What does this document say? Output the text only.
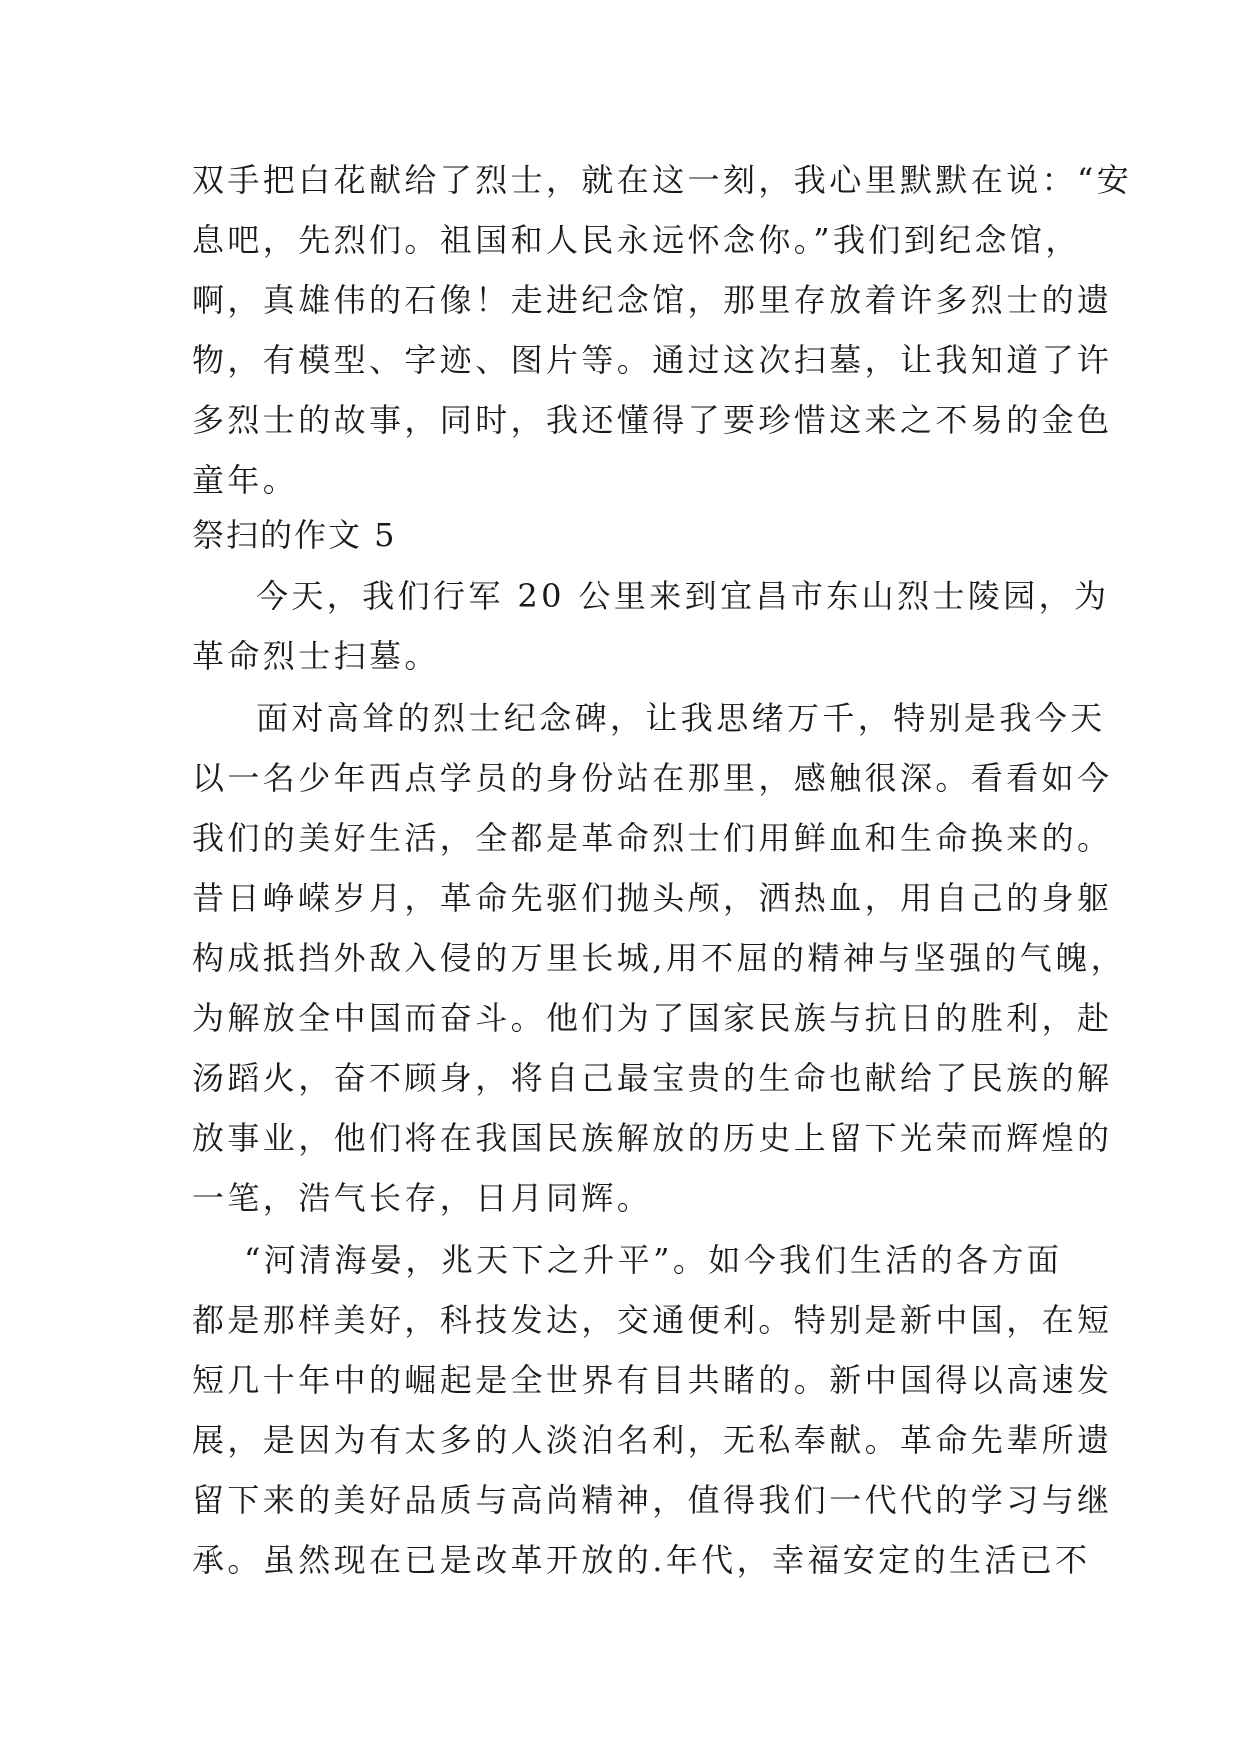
双手把白花献给了烈士，就在这一刻，我心里默默在说：“安
息吧，先烈们。祖国和人民永远怀念你。”我们到纪念馆，
啊，真雄伟的石像！走进纪念馆，那里存放着许多烈士的遗
物，有模型、字迹、图片等。通过这次扫墓，让我知道了许
多烈士的故事，同时，我还懂得了要珍惜这来之不易的金色
童年。
祭扫的作文 5
今天，我们行军 20 公里来到宜昌市东山烈士陵园，为
革命烈士扫墓。
面对高耸的烈士纪念碑，让我思绪万千，特别是我今天
以一名少年西点学员的身份站在那里，感触很深。看看如今
我们的美好生活，全都是革命烈士们用鲜血和生命换来的。
昔日峥嵘岁月，革命先驱们抛头颅，洒热血，用自己的身躯
构成抵挡外敌入侵的万里长城,用不屈的精神与坚强的气魄，
为解放全中国而奋斗。他们为了国家民族与抗日的胜利，赴
汤蹈火，奋不顾身，将自己最宝贵的生命也献给了民族的解
放事业，他们将在我国民族解放的历史上留下光荣而辉煌的
一笔，浩气长存，日月同辉。
“河清海晏，兆天下之升平”。如今我们生活的各方面
都是那样美好，科技发达，交通便利。特别是新中国，在短
短几十年中的崛起是全世界有目共睹的。新中国得以高速发
展，是因为有太多的人淡泊名利，无私奉献。革命先辈所遗
留下来的美好品质与高尚精神，值得我们一代代的学习与继
承。虽然现在已是改革开放的.年代，幸福安定的生活已不
